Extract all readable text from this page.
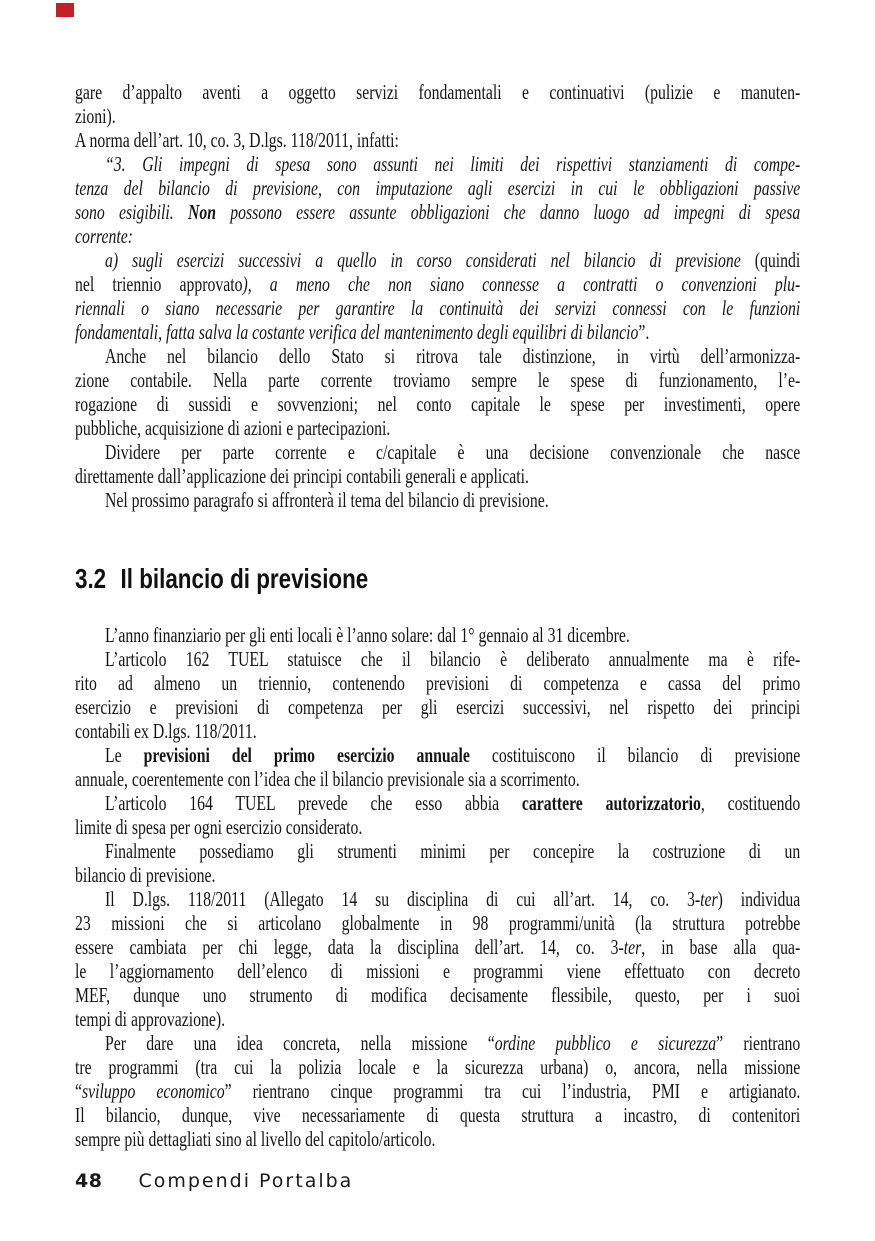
gare d’appalto aventi a oggetto servizi fondamentali e continuativi (pulizie e manuten-
zioni).
A norma dell’art. 10, co. 3, D.lgs. 118/2011, infatti:
“3. Gli impegni di spesa sono assunti nei limiti dei rispettivi stanziamenti di compe-
tenza del bilancio di previsione, con imputazione agli esercizi in cui le obbligazioni passive
sono esigibili. Non possono essere assunte obbligazioni che danno luogo ad impegni di spesa
corrente:
a) sugli esercizi successivi a quello in corso considerati nel bilancio di previsione (quindi
nel triennio approvato), a meno che non siano connesse a contratti o convenzioni plu-
riennali o siano necessarie per garantire la continuità dei servizi connessi con le funzioni
fondamentali, fatta salva la costante verifica del mantenimento degli equilibri di bilancio”.
Anche nel bilancio dello Stato si ritrova tale distinzione, in virtù dell’armonizza-
zione contabile. Nella parte corrente troviamo sempre le spese di funzionamento, l’e-
rogazione di sussidi e sovvenzioni; nel conto capitale le spese per investimenti, opere
pubbliche, acquisizione di azioni e partecipazioni.
Dividere per parte corrente e c/capitale è una decisione convenzionale che nasce
direttamente dall’applicazione dei principi contabili generali e applicati.
Nel prossimo paragrafo si affronterà il tema del bilancio di previsione.
3.2 Il bilancio di previsione
L’anno finanziario per gli enti locali è l’anno solare: dal 1° gennaio al 31 dicembre.
L’articolo 162 TUEL statuisce che il bilancio è deliberato annualmente ma è rife-
rito ad almeno un triennio, contenendo previsioni di competenza e cassa del primo
esercizio e previsioni di competenza per gli esercizi successivi, nel rispetto dei principi
contabili ex D.lgs. 118/2011.
Le previsioni del primo esercizio annuale costituiscono il bilancio di previsione
annuale, coerentemente con l’idea che il bilancio previsionale sia a scorrimento.
L’articolo 164 TUEL prevede che esso abbia carattere autorizzatorio, costituendo
limite di spesa per ogni esercizio considerato.
Finalmente possediamo gli strumenti minimi per concepire la costruzione di un
bilancio di previsione.
Il D.lgs. 118/2011 (Allegato 14 su disciplina di cui all’art. 14, co. 3-ter) individua
23 missioni che si articolano globalmente in 98 programmi/unità (la struttura potrebbe
essere cambiata per chi legge, data la disciplina dell’art. 14, co. 3-ter, in base alla qua-
le l’aggiornamento dell’elenco di missioni e programmi viene effettuato con decreto
MEF, dunque uno strumento di modifica decisamente flessibile, questo, per i suoi
tempi di approvazione).
Per dare una idea concreta, nella missione “ordine pubblico e sicurezza” rientrano
tre programmi (tra cui la polizia locale e la sicurezza urbana) o, ancora, nella missione
“sviluppo economico” rientrano cinque programmi tra cui l’industria, PMI e artigianato.
Il bilancio, dunque, vive necessariamente di questa struttura a incastro, di contenitori
sempre più dettagliati sino al livello del capitolo/articolo.
48 Compendi Portalba
